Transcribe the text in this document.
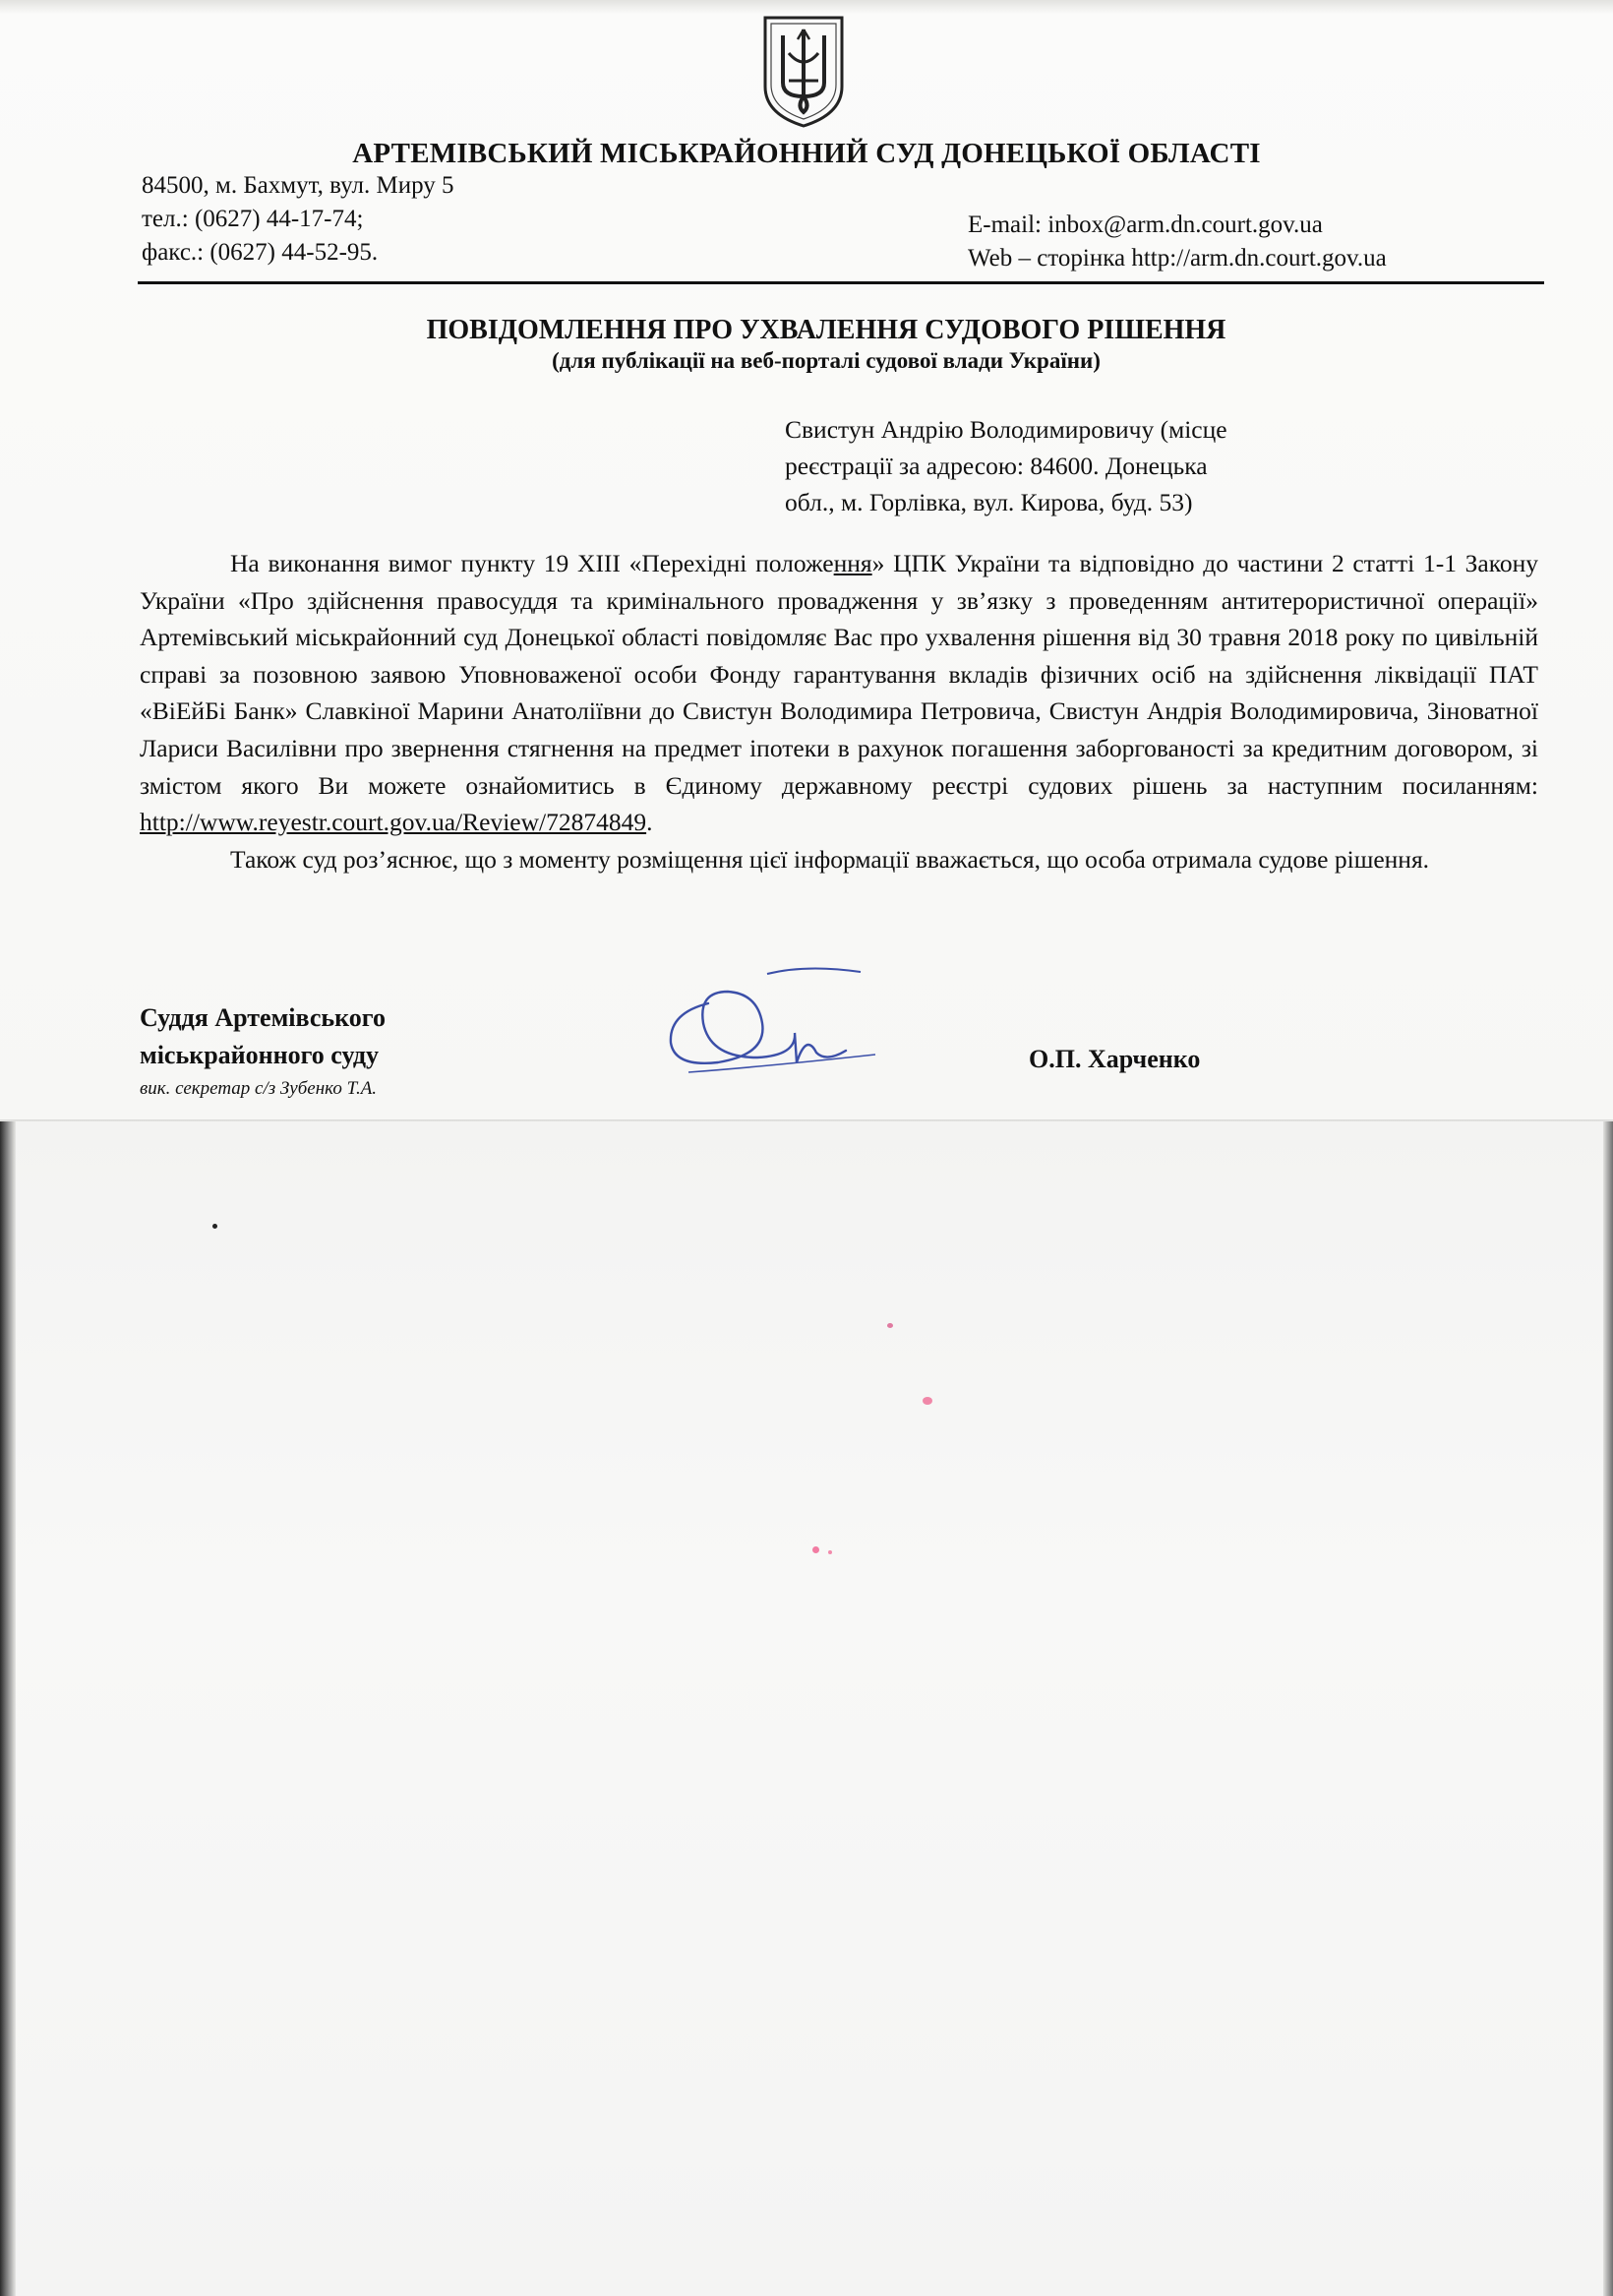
АРТЕМІВСЬКИЙ МІСЬКРАЙОННИЙ СУД ДОНЕЦЬКОЇ ОБЛАСТІ
84500, м. Бахмут, вул. Миру 5
тел.: (0627) 44-17-74;
факс.: (0627) 44-52-95.
E-mail: inbox@arm.dn.court.gov.ua
Web – сторінка http://arm.dn.court.gov.ua
ПОВІДОМЛЕННЯ ПРО УХВАЛЕННЯ СУДОВОГО РІШЕННЯ
(для публікації на веб-порталі судової влади України)
Свистун Андрію Володимировичу (місце
реєстрації за адресою: 84600. Донецька
обл., м. Горлівка, вул. Кирова, буд. 53)

На виконання вимог пункту 19 ХІІІ «Перехідні положення» ЦПК України та відповідно до частини 2 статті 1-1 Закону України «Про здійснення правосуддя та кримінального провадження у зв’язку з проведенням антитерористичної операції» Артемівський міськрайонний суд Донецької області повідомляє Вас про ухвалення рішення від 30 травня 2018 року по цивільній справі за позовною заявою Уповноваженої особи Фонду гарантування вкладів фізичних осіб на здійснення ліквідації ПАТ «ВіЕйБі Банк» Славкіної Марини Анатоліївни до Свистун Володимира Петровича, Свистун Андрія Володимировича, Зіноватної Лариси Василівни про звернення стягнення на предмет іпотеки в рахунок погашення заборгованості за кредитним договором, зі змістом якого Ви можете ознайомитись в Єдиному державному реєстрі судових рішень за наступним посиланням: http://www.reyestr.court.gov.ua/Review/72874849.

Також суд роз’яснює, що з моменту розміщення цієї інформації вважається, що особа отримала судове рішення.

Суддя Артемівського
міськрайонного суду
вик. секретар с/з Зубенко Т.А.
О.П. Харченко
